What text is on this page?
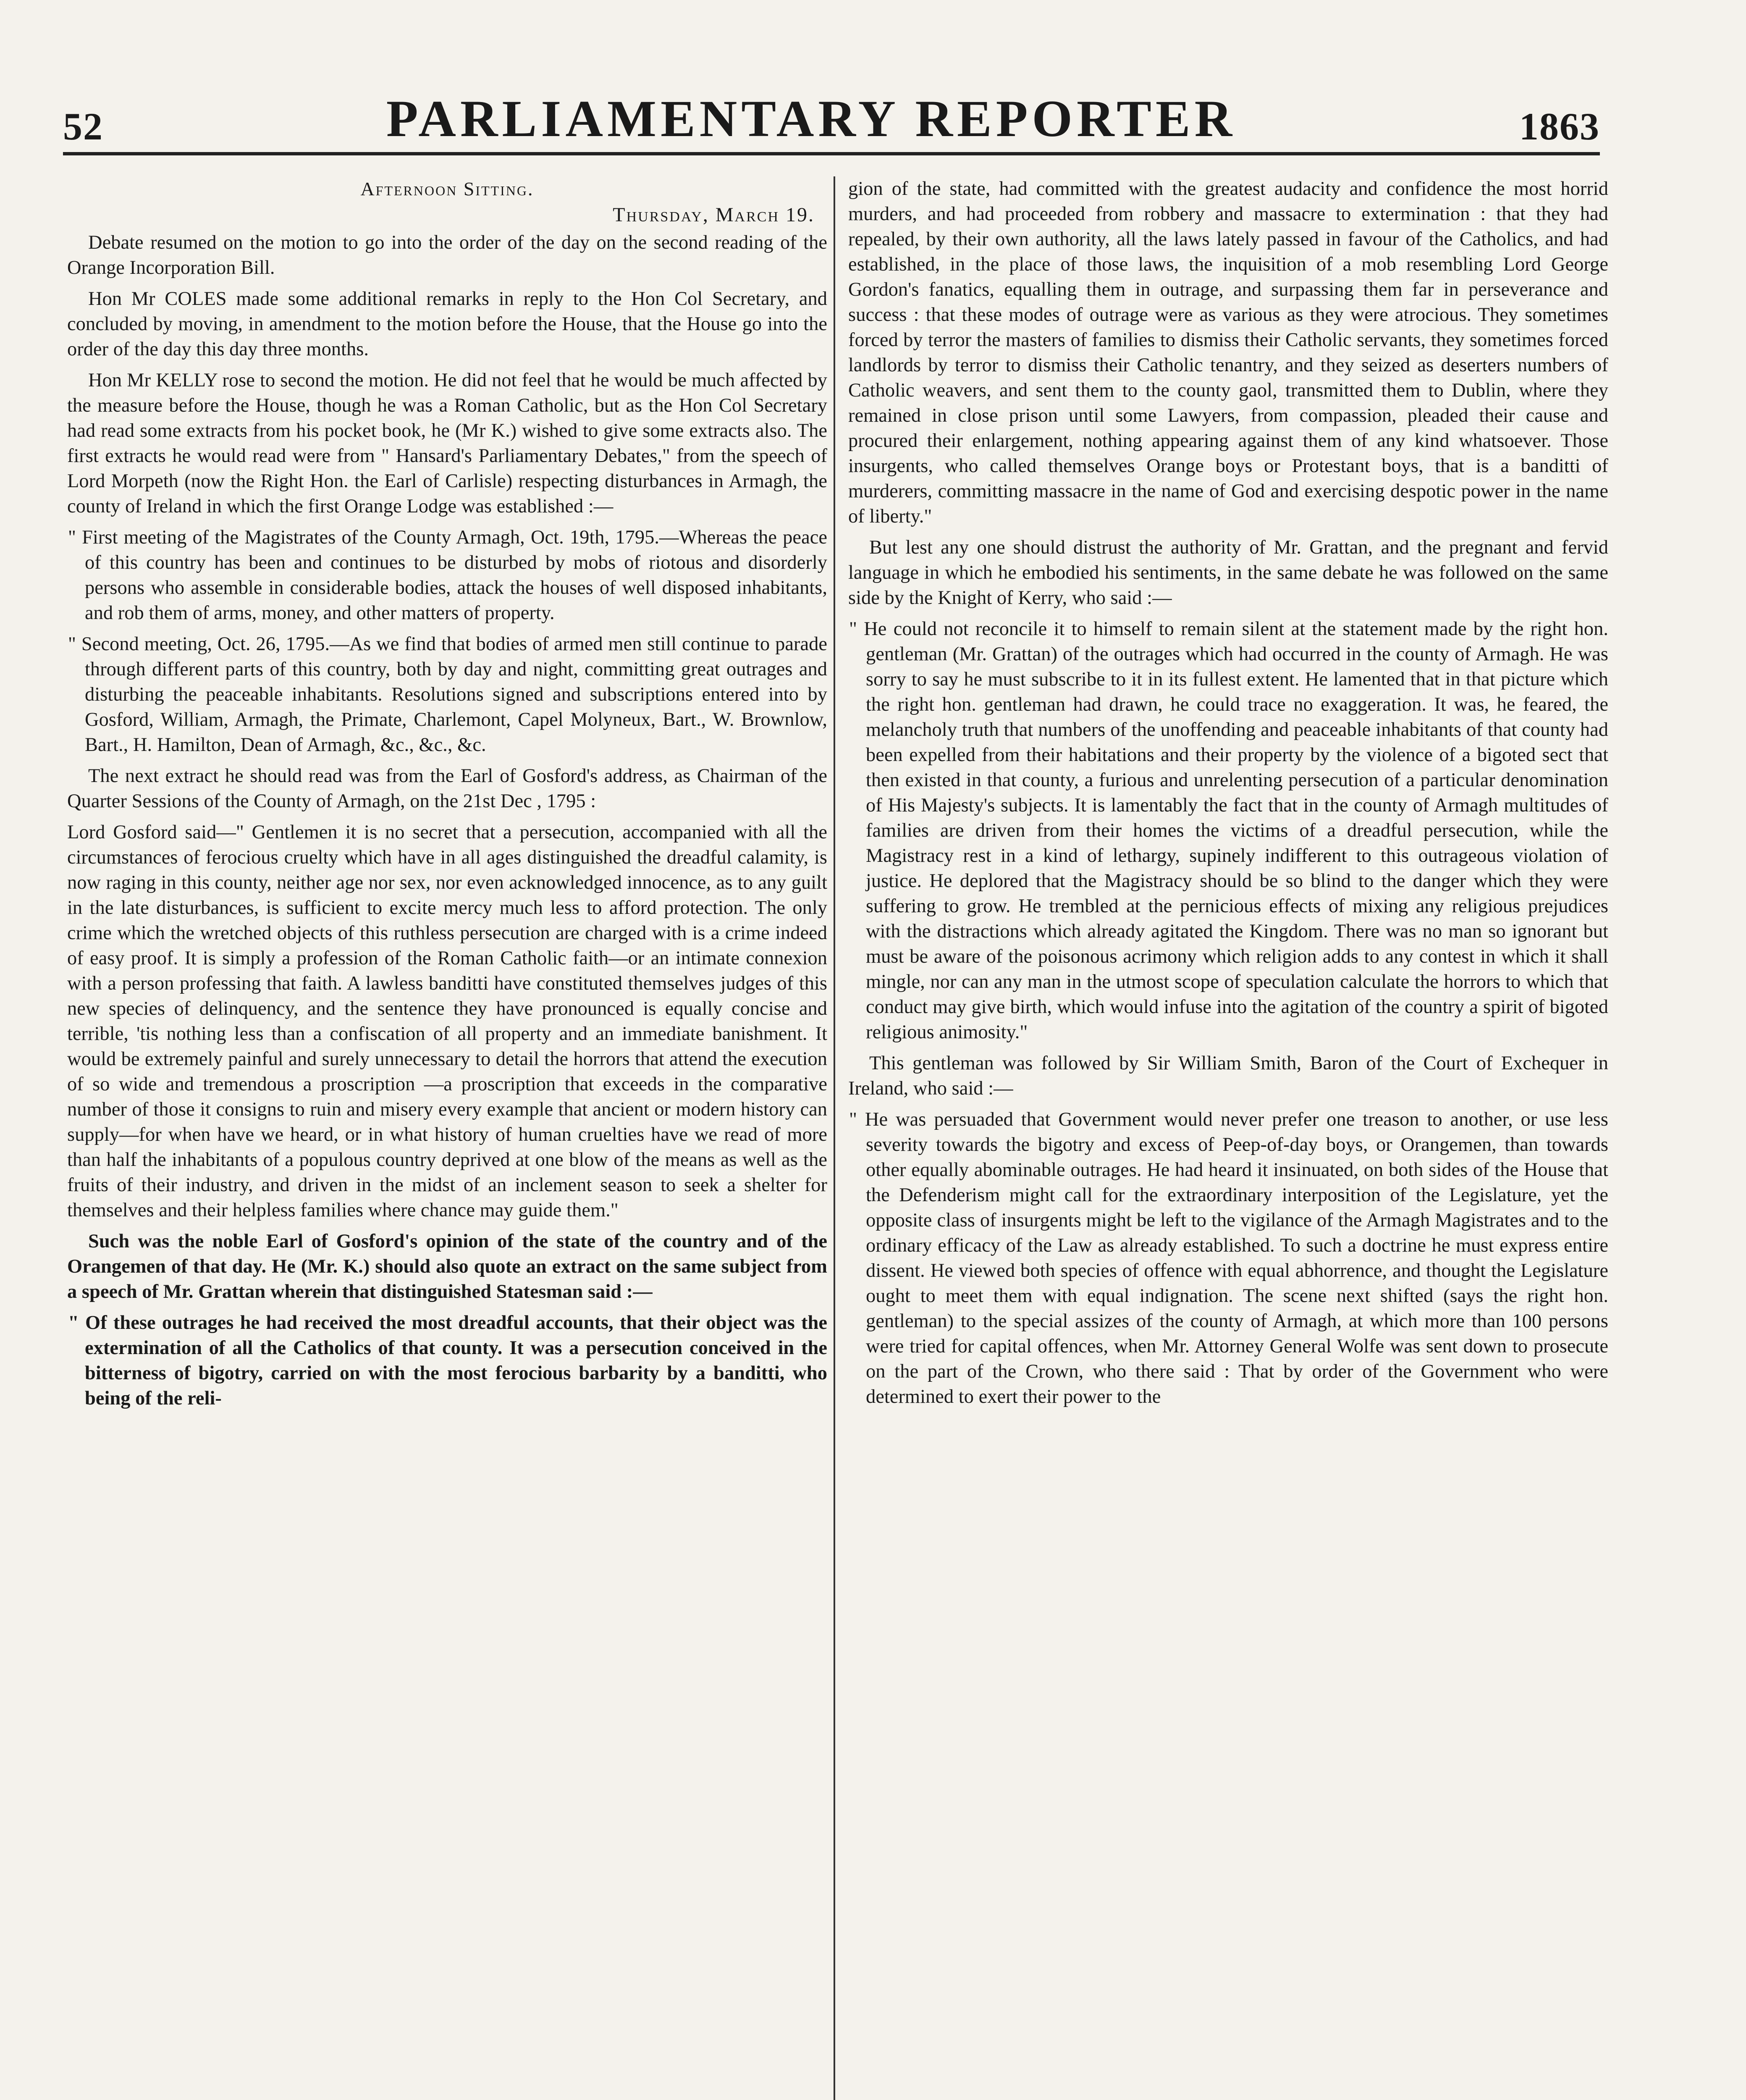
52	PARLIAMENTARY REPORTER	1863
Afternoon Sitting.
Thursday, March 19.

Debate resumed on the motion to go into the order of the day on the second reading of the Orange Incorporation Bill.

Hon Mr COLES made some additional remarks in reply to the Hon Col Secretary, and concluded by moving, in amendment to the motion before the House, that the House go into the order of the day this day three months.

Hon Mr KELLY rose to second the motion. He did not feel that he would be much affected by the measure before the House, though he was a Roman Catholic, but as the Hon Col Secretary had read some extracts from his pocket book, he (Mr K.) wished to give some extracts also. The first extracts he would read were from " Hansard's Parliamentary Debates," from the speech of Lord Morpeth (now the Right Hon. the Earl of Carlisle) respecting disturbances in Armagh, the county of Ireland in which the first Orange Lodge was established :—

" First meeting of the Magistrates of the County Armagh, Oct. 19th, 1795.—Whereas the peace of this country has been and continues to be disturbed by mobs of riotous and disorderly persons who assemble in considerable bodies, attack the houses of well disposed inhabitants, and rob them of arms, money, and other matters of property.

" Second meeting, Oct. 26, 1795.—As we find that bodies of armed men still continue to parade through different parts of this country, both by day and night, committing great outrages and disturbing the peaceable inhabitants. Resolutions signed and subscriptions entered into by Gosford, William, Armagh, the Primate, Charlemont, Capel Molyneux, Bart., W. Brownlow, Bart., H. Hamilton, Dean of Armagh, &c., &c., &c.

The next extract he should read was from the Earl of Gosford's address, as Chairman of the Quarter Sessions of the County of Armagh, on the 21st Dec , 1795 :

Lord Gosford said—" Gentlemen it is no secret that a persecution, accompanied with all the circumstances of ferocious cruelty which have in all ages distinguished the dreadful calamity, is now raging in this county, neither age nor sex, nor even acknowledged innocence, as to any guilt in the late disturbances, is sufficient to excite mercy much less to afford protection. The only crime which the wretched objects of this ruthless persecution are charged with is a crime indeed of easy proof. It is simply a profession of the Roman Catholic faith—or an intimate connexion with a person professing that faith. A lawless banditti have constituted themselves judges of this new species of delinquency, and the sentence they have pronounced is equally concise and terrible, 'tis nothing less than a confiscation of all property and an immediate banishment. It would be extremely painful and surely unnecessary to detail the horrors that attend the execution of so wide and tremendous a proscription —a proscription that exceeds in the comparative number of those it consigns to ruin and misery every example that ancient or modern history can supply—for when have we heard, or in what history of human cruelties have we read of more than half the inhabitants of a populous country deprived at one blow of the means as well as the fruits of their industry, and driven in the midst of an inclement season to seek a shelter for themselves and their helpless families where chance may guide them."

Such was the noble Earl of Gosford's opinion of the state of the country and of the Orangemen of that day. He (Mr. K.) should also quote an extract on the same subject from a speech of Mr. Grattan wherein that distinguished Statesman said :—

" Of these outrages he had received the most dreadful accounts, that their object was the extermination of all the Catholics of that county. It was a persecution conceived in the bitterness of bigotry, carried on with the most ferocious barbarity by a banditti, who being of the reli-

gion of the state, had committed with the greatest audacity and confidence the most horrid murders, and had proceeded from robbery and massacre to extermination : that they had repealed, by their own authority, all the laws lately passed in favour of the Catholics, and had established, in the place of those laws, the inquisition of a mob resembling Lord George Gordon's fanatics, equalling them in outrage, and surpassing them far in perseverance and success : that these modes of outrage were as various as they were atrocious. They sometimes forced by terror the masters of families to dismiss their Catholic servants, they sometimes forced landlords by terror to dismiss their Catholic tenantry, and they seized as deserters numbers of Catholic weavers, and sent them to the county gaol, transmitted them to Dublin, where they remained in close prison until some Lawyers, from compassion, pleaded their cause and procured their enlargement, nothing appearing against them of any kind whatsoever. Those insurgents, who called themselves Orange boys or Protestant boys, that is a banditti of murderers, committing massacre in the name of God and exercising despotic power in the name of liberty."

But lest any one should distrust the authority of Mr. Grattan, and the pregnant and fervid language in which he embodied his sentiments, in the same debate he was followed on the same side by the Knight of Kerry, who said :—

" He could not reconcile it to himself to remain silent at the statement made by the right hon. gentleman (Mr. Grattan) of the outrages which had occurred in the county of Armagh. He was sorry to say he must subscribe to it in its fullest extent. He lamented that in that picture which the right hon. gentleman had drawn, he could trace no exaggeration. It was, he feared, the melancholy truth that numbers of the unoffending and peaceable inhabitants of that county had been expelled from their habitations and their property by the violence of a bigoted sect that then existed in that county, a furious and unrelenting persecution of a particular denomination of His Majesty's subjects. It is lamentably the fact that in the county of Armagh multitudes of families are driven from their homes the victims of a dreadful persecution, while the Magistracy rest in a kind of lethargy, supinely indifferent to this outrageous violation of justice. He deplored that the Magistracy should be so blind to the danger which they were suffering to grow. He trembled at the pernicious effects of mixing any religious prejudices with the distractions which already agitated the Kingdom. There was no man so ignorant but must be aware of the poisonous acrimony which religion adds to any contest in which it shall mingle, nor can any man in the utmost scope of speculation calculate the horrors to which that conduct may give birth, which would infuse into the agitation of the country a spirit of bigoted religious animosity."

This gentleman was followed by Sir William Smith, Baron of the Court of Exchequer in Ireland, who said :—

" He was persuaded that Government would never prefer one treason to another, or use less severity towards the bigotry and excess of Peep-of-day boys, or Orangemen, than towards other equally abominable outrages. He had heard it insinuated, on both sides of the House that the Defenderism might call for the extraordinary interposition of the Legislature, yet the opposite class of insurgents might be left to the vigilance of the Armagh Magistrates and to the ordinary efficacy of the Law as already established. To such a doctrine he must express entire dissent. He viewed both species of offence with equal abhorrence, and thought the Legislature ought to meet them with equal indignation. The scene next shifted (says the right hon. gentleman) to the special assizes of the county of Armagh, at which more than 100 persons were tried for capital offences, when Mr. Attorney General Wolfe was sent down to prosecute on the part of the Crown, who there said : That by order of the Government who were determined to exert their power to the
